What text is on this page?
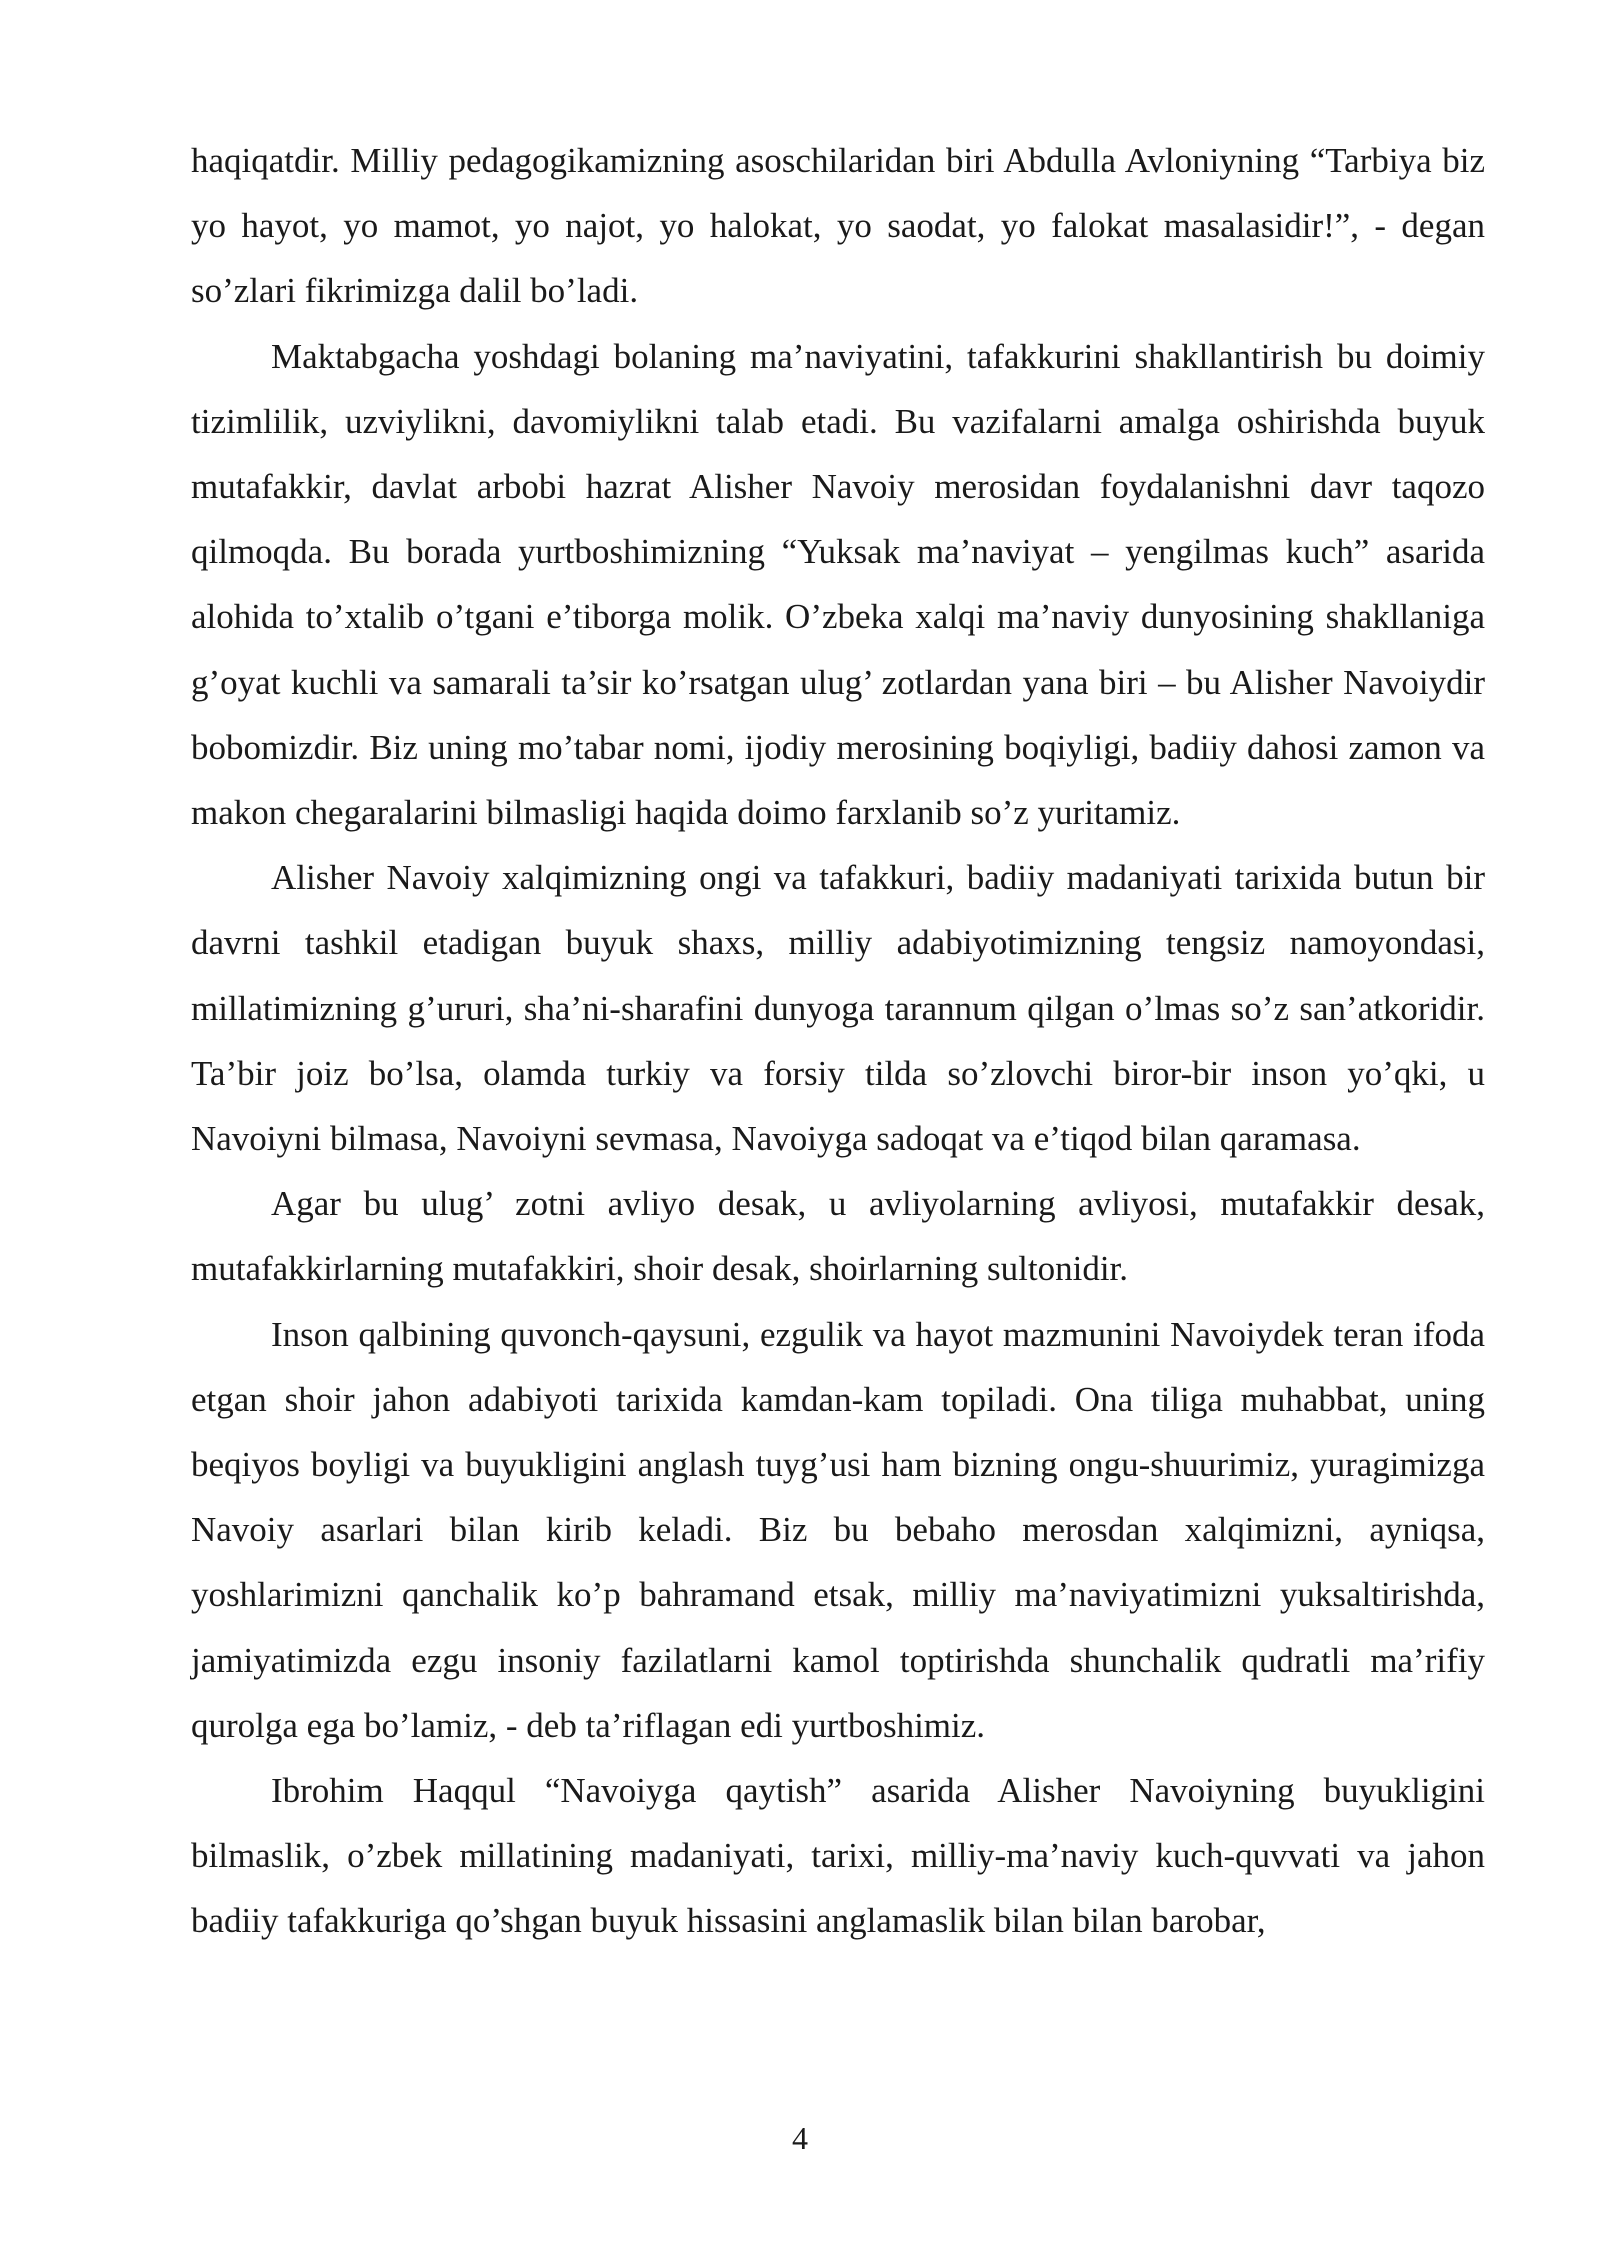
haqiqatdir. Milliy pedagogikamizning asoschilaridan biri Abdulla Avloniyning “Tarbiya biz yo hayot, yo mamot, yo najot, yo halokat, yo saodat, yo falokat masalasidir!”, - degan so’zlari fikrimizga dalil bo’ladi.

Maktabgacha yoshdagi bolaning ma’naviyatini, tafakkurini shakllantirish bu doimiy tizimlilik, uzviylikni, davomiylikni talab etadi. Bu vazifalarni amalga oshirishda buyuk mutafakkir, davlat arbobi hazrat Alisher Navoiy merosidan foydalanishni davr taqozo qilmoqda. Bu borada yurtboshimizning “Yuksak ma’naviyat – yengilmas kuch” asarida alohida to’xtalib o’tgani e’tiborga molik. O’zbeka xalqi ma’naviy dunyosining shakllaniga g’oyat kuchli va samarali ta’sir ko’rsatgan ulug’ zotlardan yana biri – bu Alisher Navoiydir bobomizdir. Biz uning mo’tabar nomi, ijodiy merosining boqiyligi, badiiy dahosi zamon va makon chegaralarini bilmasligi haqida doimo farxlanib so’z yuritamiz.

Alisher Navoiy xalqimizning ongi va tafakkuri, badiiy madaniyati tarixida butun bir davrni tashkil etadigan buyuk shaxs, milliy adabiyotimizning tengsiz namoyondasi, millatimizning g’ururi, sha’ni-sharafini dunyoga tarannum qilgan o’lmas so’z san’atkoridir. Ta’bir joiz bo’lsa, olamda turkiy va forsiy tilda so’zlovchi biror-bir inson yo’qki, u Navoiyni bilmasa, Navoiyni sevmasa, Navoiyga sadoqat va e’tiqod bilan qaramasa.

Agar bu ulug’ zotni avliyo desak, u avliyolarning avliyosi, mutafakkir desak, mutafakkirlarning mutafakkiri, shoir desak, shoirlarning sultonidir.

Inson qalbining quvonch-qaysuni, ezgulik va hayot mazmunini Navoiydek teran ifoda etgan shoir jahon adabiyoti tarixida kamdan-kam topiladi. Ona tiliga muhabbat, uning beqiyos boyligi va buyukligini anglash tuyg’usi ham bizning ongu-shuurimiz, yuragimizga Navoiy asarlari bilan kirib keladi. Biz bu bebaho merosdan xalqimizni, ayniqsa, yoshlarimizni qanchalik ko’p bahramand etsak, milliy ma’naviyatimizni yuksaltirishda, jamiyatimizda ezgu insoniy fazilatlarni kamol toptirishda shunchalik qudratli ma’rifiy qurolga ega bo’lamiz, - deb ta’riflagan edi yurtboshimiz.

Ibrohim Haqqul “Navoiyga qaytish” asarida Alisher Navoiyning buyukligini bilmaslik, o’zbek millatining madaniyati, tarixi, milliy-ma’naviy kuch-quvvati va jahon badiiy tafakkuriga qo’shgan buyuk hissasini anglamaslik bilan bilan barobar,

4
